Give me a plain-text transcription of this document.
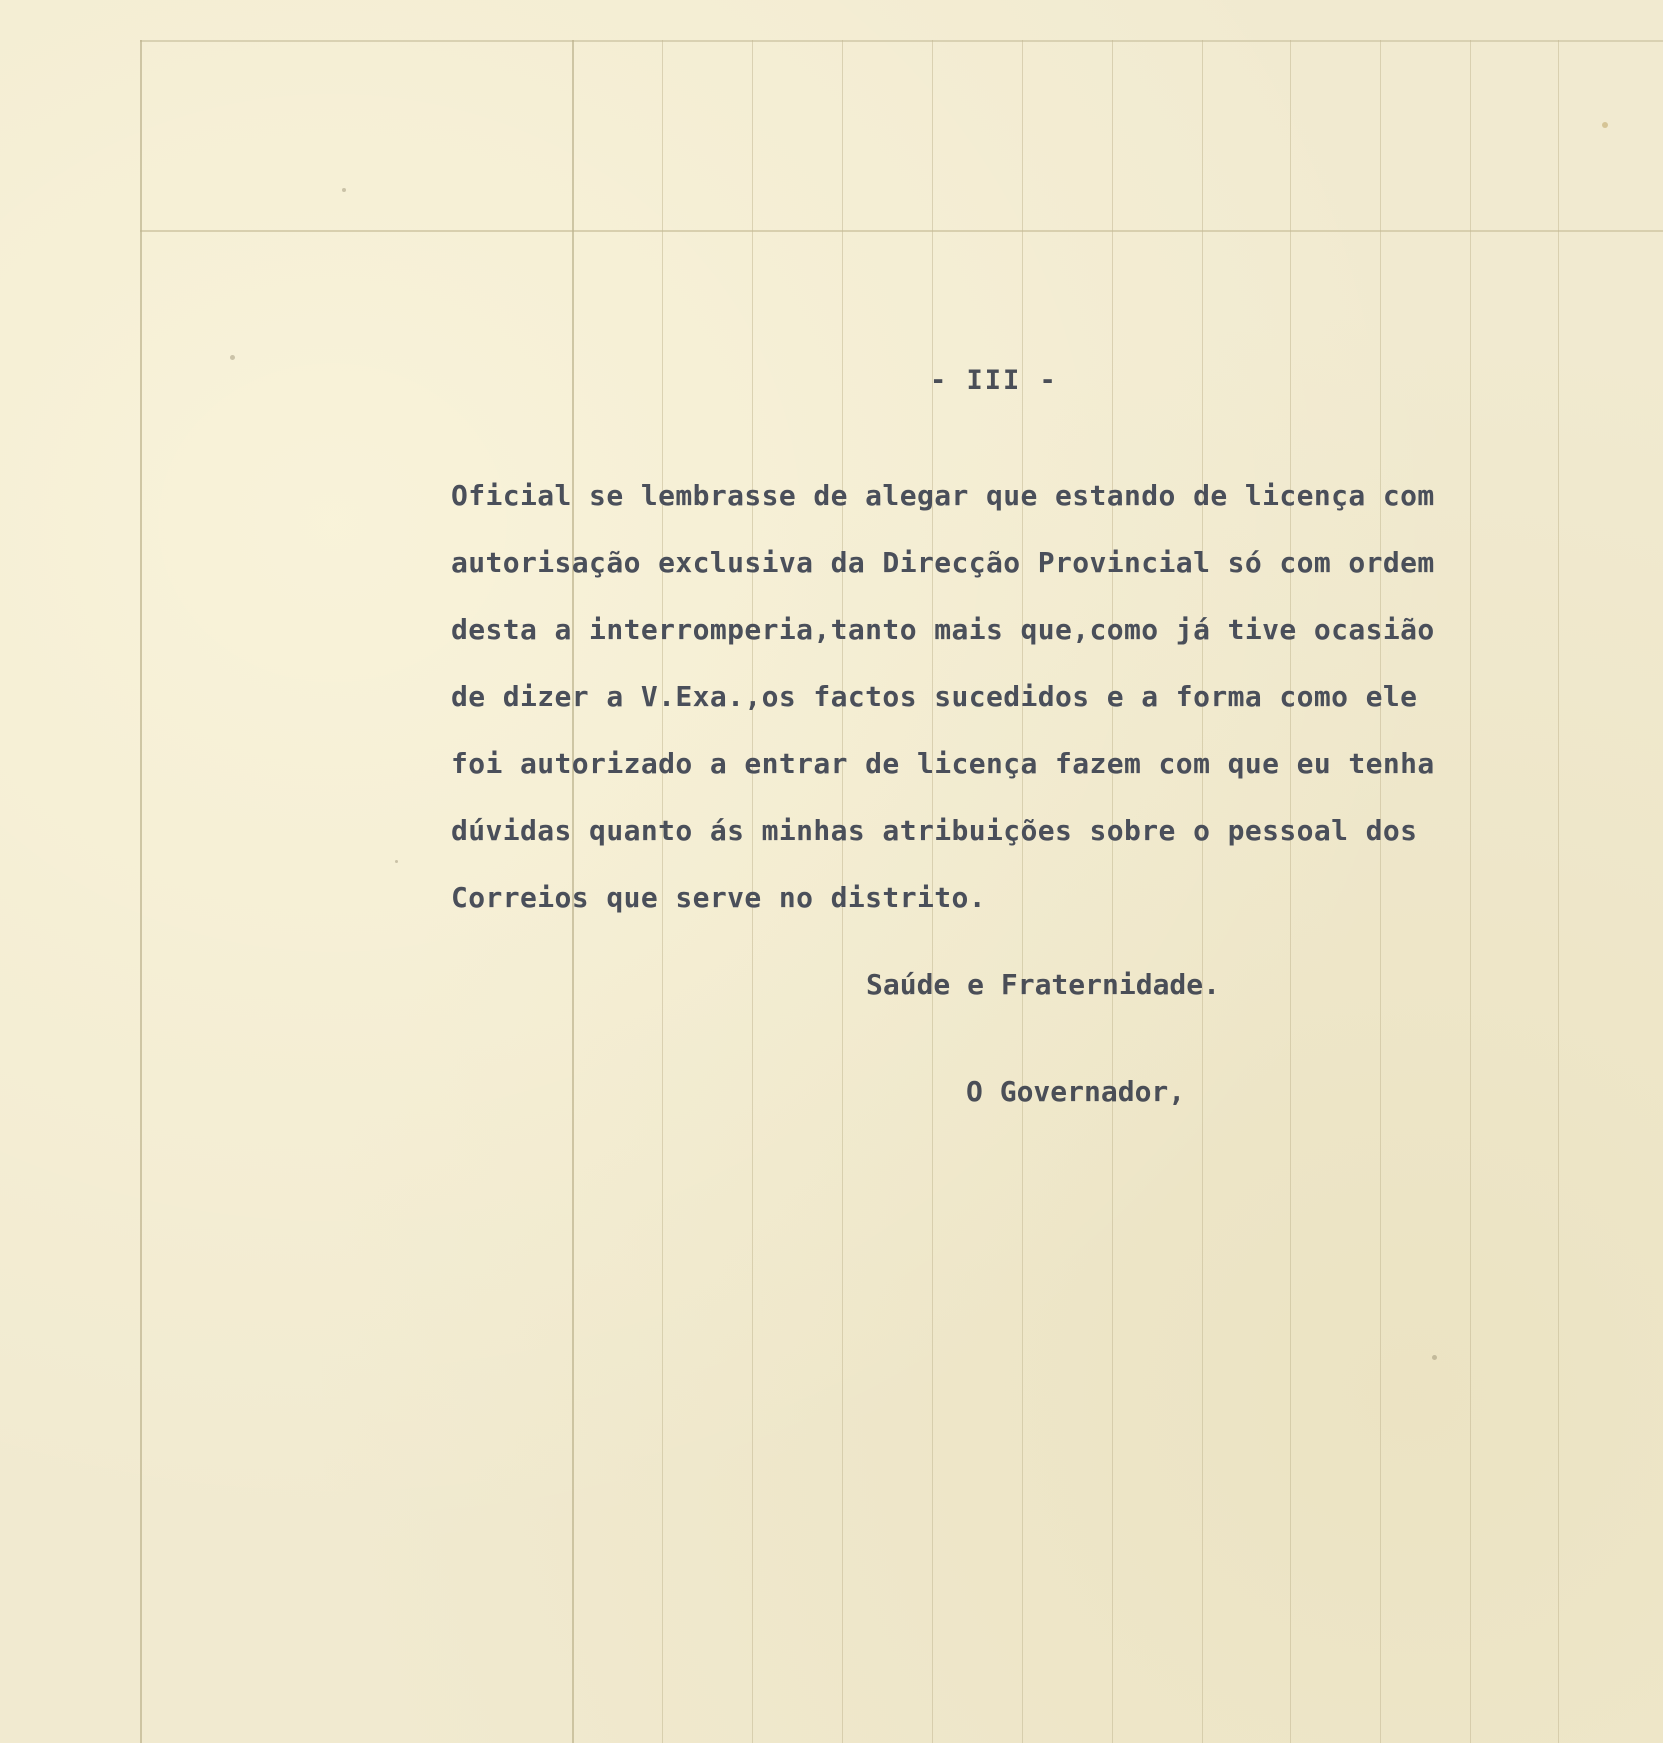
- III -
Oficial se lembrasse de alegar que estando de licença com
autorisação exclusiva da Direcção Provincial só com ordem
desta a interromperia,tanto mais que,como já tive ocasião
de dizer a V.Exa.,os factos sucedidos e a forma como ele
foi autorizado a entrar de licença fazem com que eu tenha
dúvidas quanto ás minhas atribuições sobre o pessoal dos
Correios que serve no distrito.
Saúde e Fraternidade.
O Governador,
